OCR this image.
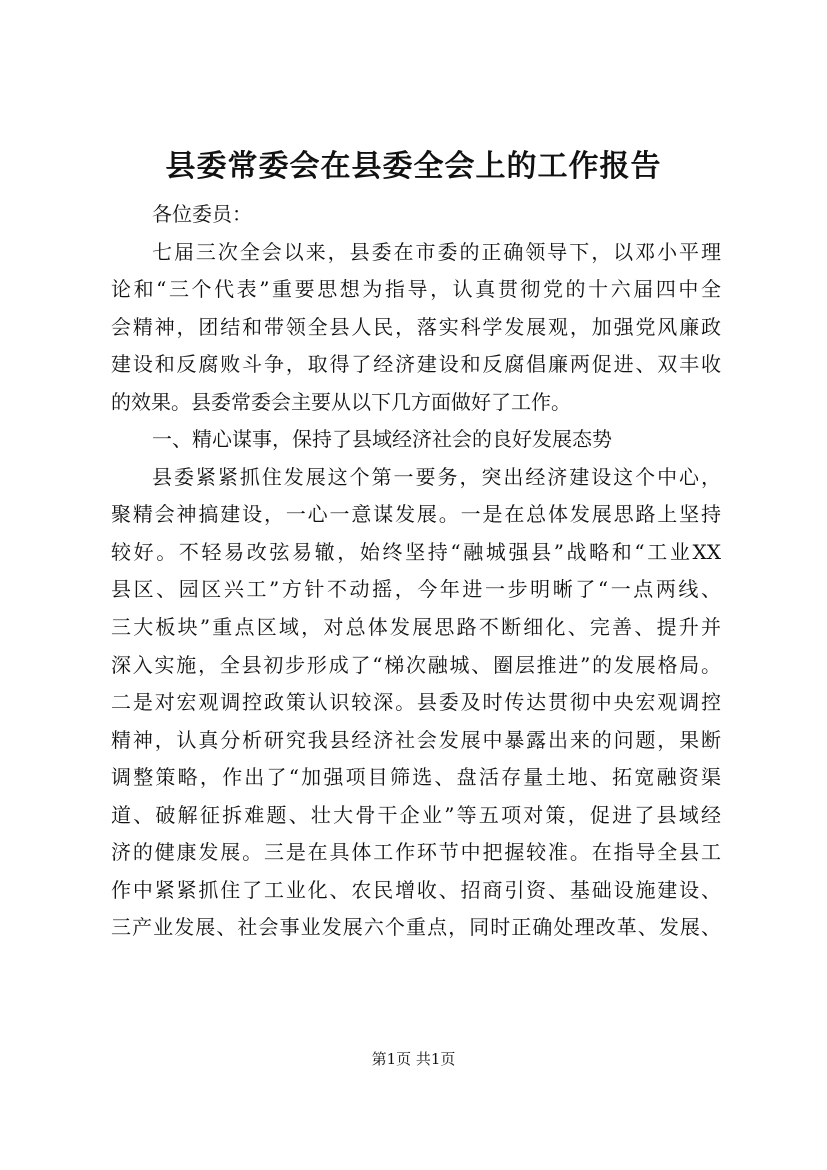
县委常委会在县委全会上的工作报告
各位委员：
七届三次全会以来，县委在市委的正确领导下，以邓小平理
论和“三个代表”重要思想为指导，认真贯彻党的十六届四中全
会精神，团结和带领全县人民，落实科学发展观，加强党风廉政
建设和反腐败斗争，取得了经济建设和反腐倡廉两促进、双丰收
的效果。县委常委会主要从以下几方面做好了工作。
一、精心谋事，保持了县域经济社会的良好发展态势
县委紧紧抓住发展这个第一要务，突出经济建设这个中心，
聚精会神搞建设，一心一意谋发展。一是在总体发展思路上坚持
较好。不轻易改弦易辙，始终坚持“融城强县”战略和“工业XX
县区、园区兴工”方针不动摇，今年进一步明晰了“一点两线、
三大板块”重点区域，对总体发展思路不断细化、完善、提升并
深入实施，全县初步形成了“梯次融城、圈层推进”的发展格局。
二是对宏观调控政策认识较深。县委及时传达贯彻中央宏观调控
精神，认真分析研究我县经济社会发展中暴露出来的问题，果断
调整策略，作出了“加强项目筛选、盘活存量土地、拓宽融资渠
道、破解征拆难题、壮大骨干企业”等五项对策，促进了县域经
济的健康发展。三是在具体工作环节中把握较准。在指导全县工
作中紧紧抓住了工业化、农民增收、招商引资、基础设施建设、
三产业发展、社会事业发展六个重点，同时正确处理改革、发展、
第1页 共1页
